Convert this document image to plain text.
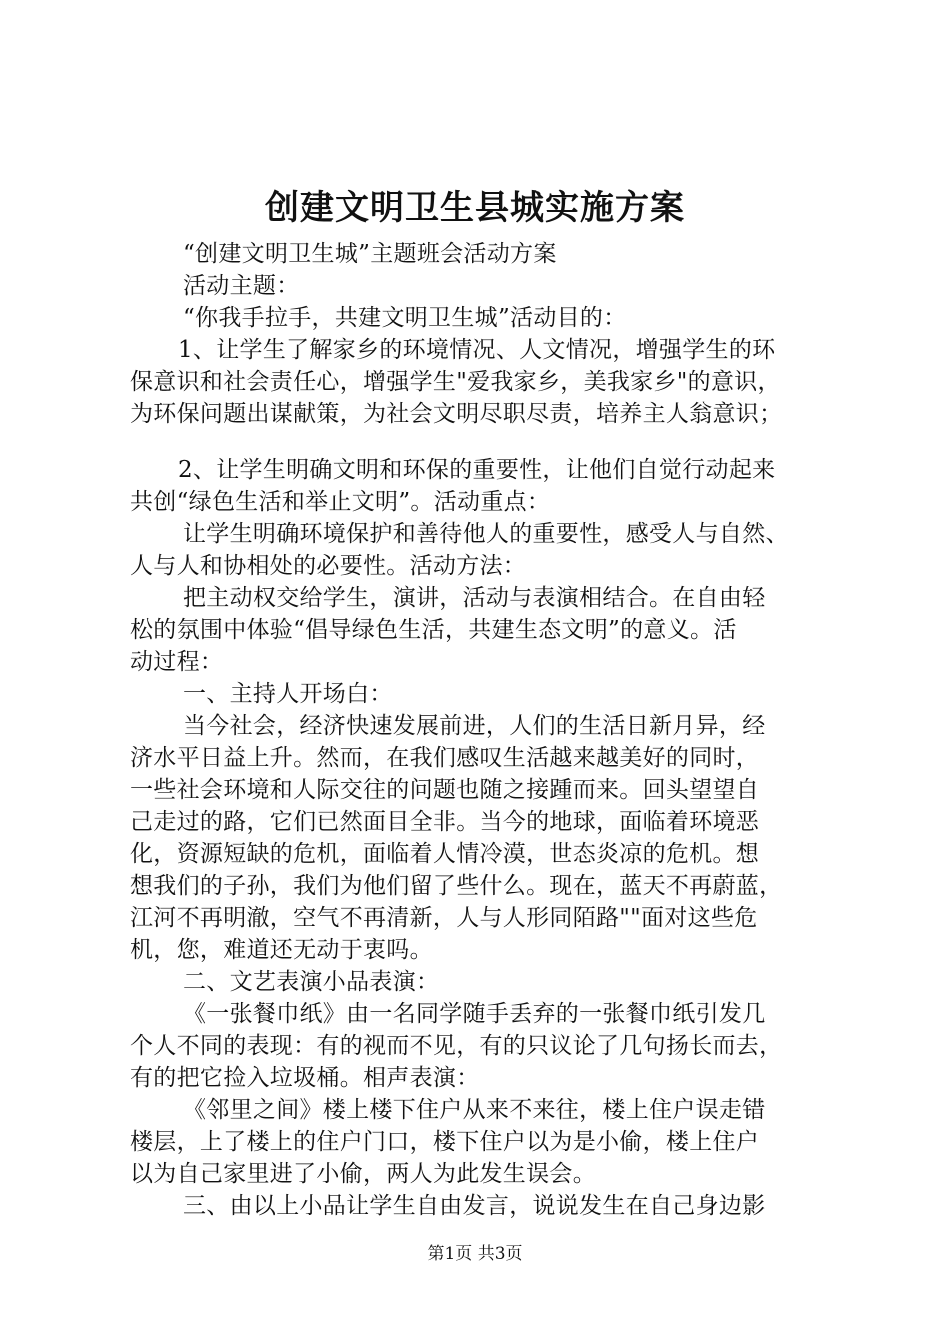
创建文明卫生县城实施方案
“创建文明卫生城”主题班会活动方案
活动主题：
“你我手拉手，共建文明卫生城”活动目的：
1、让学生了解家乡的环境情况、人文情况，增强学生的环
保意识和社会责任心，增强学生"爱我家乡，美我家乡"的意识，
为环保问题出谋献策，为社会文明尽职尽责，培养主人翁意识；
2、让学生明确文明和环保的重要性，让他们自觉行动起来
共创“绿色生活和举止文明”。活动重点：
让学生明确环境保护和善待他人的重要性，感受人与自然、
人与人和协相处的必要性。活动方法：
把主动权交给学生，演讲，活动与表演相结合。在自由轻
松的氛围中体验“倡导绿色生活，共建生态文明”的意义。活
动过程：
一、主持人开场白：
当今社会，经济快速发展前进，人们的生活日新月异，经
济水平日益上升。然而，在我们感叹生活越来越美好的同时，
一些社会环境和人际交往的问题也随之接踵而来。回头望望自
己走过的路，它们已然面目全非。当今的地球，面临着环境恶
化，资源短缺的危机，面临着人情冷漠，世态炎凉的危机。想
想我们的子孙，我们为他们留了些什么。现在，蓝天不再蔚蓝，
江河不再明澈，空气不再清新，人与人形同陌路""面对这些危
机，您，难道还无动于衷吗。
二、文艺表演小品表演：
《一张餐巾纸》由一名同学随手丢弃的一张餐巾纸引发几
个人不同的表现：有的视而不见，有的只议论了几句扬长而去，
有的把它捡入垃圾桶。相声表演：
《邻里之间》楼上楼下住户从来不来往，楼上住户误走错
楼层，上了楼上的住户门口，楼下住户以为是小偷，楼上住户
以为自己家里进了小偷，两人为此发生误会。
三、由以上小品让学生自由发言，说说发生在自己身边影
第1页 共3页
